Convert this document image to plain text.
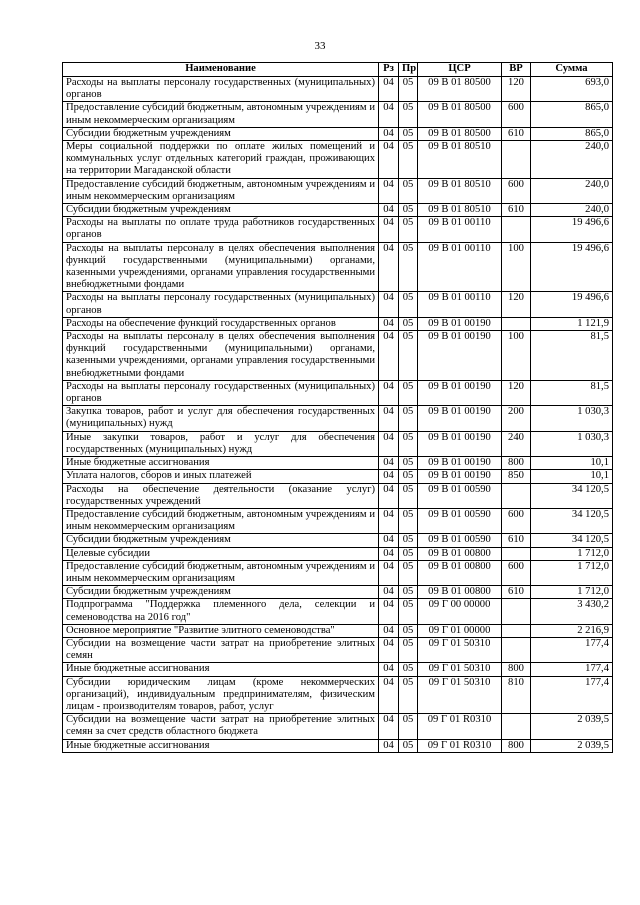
33
Наименование	Рз	Пр	ЦСР	ВР	Сумма
Расходы на выплаты персоналу государственных (муниципальных) органов	04	05	09 В 01 80500	120	693,0
Предоставление субсидий бюджетным, автономным учреждениям и иным некоммерческим организациям	04	05	09 В 01 80500	600	865,0
Субсидии бюджетным учреждениям	04	05	09 В 01 80500	610	865,0
Меры социальной поддержки по оплате жилых помещений и коммунальных услуг отдельных категорий граждан, проживающих на территории Магаданской области	04	05	09 В 01 80510		240,0
Предоставление субсидий бюджетным, автономным учреждениям и иным некоммерческим организациям	04	05	09 В 01 80510	600	240,0
Субсидии бюджетным учреждениям	04	05	09 В 01 80510	610	240,0
Расходы на выплаты по оплате труда работников государственных органов	04	05	09 В 01 00110		19 496,6
Расходы на выплаты персоналу в целях обеспечения выполнения функций государственными (муниципальными) органами, казенными учреждениями, органами управления государственными внебюджетными фондами	04	05	09 В 01 00110	100	19 496,6
Расходы на выплаты персоналу государственных (муниципальных) органов	04	05	09 В 01 00110	120	19 496,6
Расходы на обеспечение функций государственных органов	04	05	09 В 01 00190		1 121,9
Расходы на выплаты персоналу в целях обеспечения выполнения функций государственными (муниципальными) органами, казенными учреждениями, органами управления государственными внебюджетными фондами	04	05	09 В 01 00190	100	81,5
Расходы на выплаты персоналу государственных (муниципальных) органов	04	05	09 В 01 00190	120	81,5
Закупка товаров, работ и услуг для обеспечения государственных (муниципальных) нужд	04	05	09 В 01 00190	200	1 030,3
Иные закупки товаров, работ и услуг для обеспечения государственных (муниципальных) нужд	04	05	09 В 01 00190	240	1 030,3
Иные бюджетные ассигнования	04	05	09 В 01 00190	800	10,1
Уплата налогов, сборов и иных платежей	04	05	09 В 01 00190	850	10,1
Расходы на обеспечение деятельности (оказание услуг) государственных учреждений	04	05	09 В 01 00590		34 120,5
Предоставление субсидий бюджетным, автономным учреждениям и иным некоммерческим организациям	04	05	09 В 01 00590	600	34 120,5
Субсидии бюджетным учреждениям	04	05	09 В 01 00590	610	34 120,5
Целевые субсидии	04	05	09 В 01 00800		1 712,0
Предоставление субсидий бюджетным, автономным учреждениям и иным некоммерческим организациям	04	05	09 В 01 00800	600	1 712,0
Субсидии бюджетным учреждениям	04	05	09 В 01 00800	610	1 712,0
Подпрограмма "Поддержка племенного дела, селекции и семеноводства на 2016 год"	04	05	09 Г 00 00000		3 430,2
Основное мероприятие "Развитие элитного семеноводства"	04	05	09 Г 01 00000		2 216,9
Субсидии на возмещение части затрат на приобретение элитных семян	04	05	09 Г 01 50310		177,4
Иные бюджетные ассигнования	04	05	09 Г 01 50310	800	177,4
Субсидии юридическим лицам (кроме некоммерческих организаций), индивидуальным предпринимателям, физическим лицам - производителям товаров, работ, услуг	04	05	09 Г 01 50310	810	177,4
Субсидии на возмещение части затрат на приобретение элитных семян за счет средств областного бюджета	04	05	09 Г 01 R0310		2 039,5
Иные бюджетные ассигнования	04	05	09 Г 01 R0310	800	2 039,5
